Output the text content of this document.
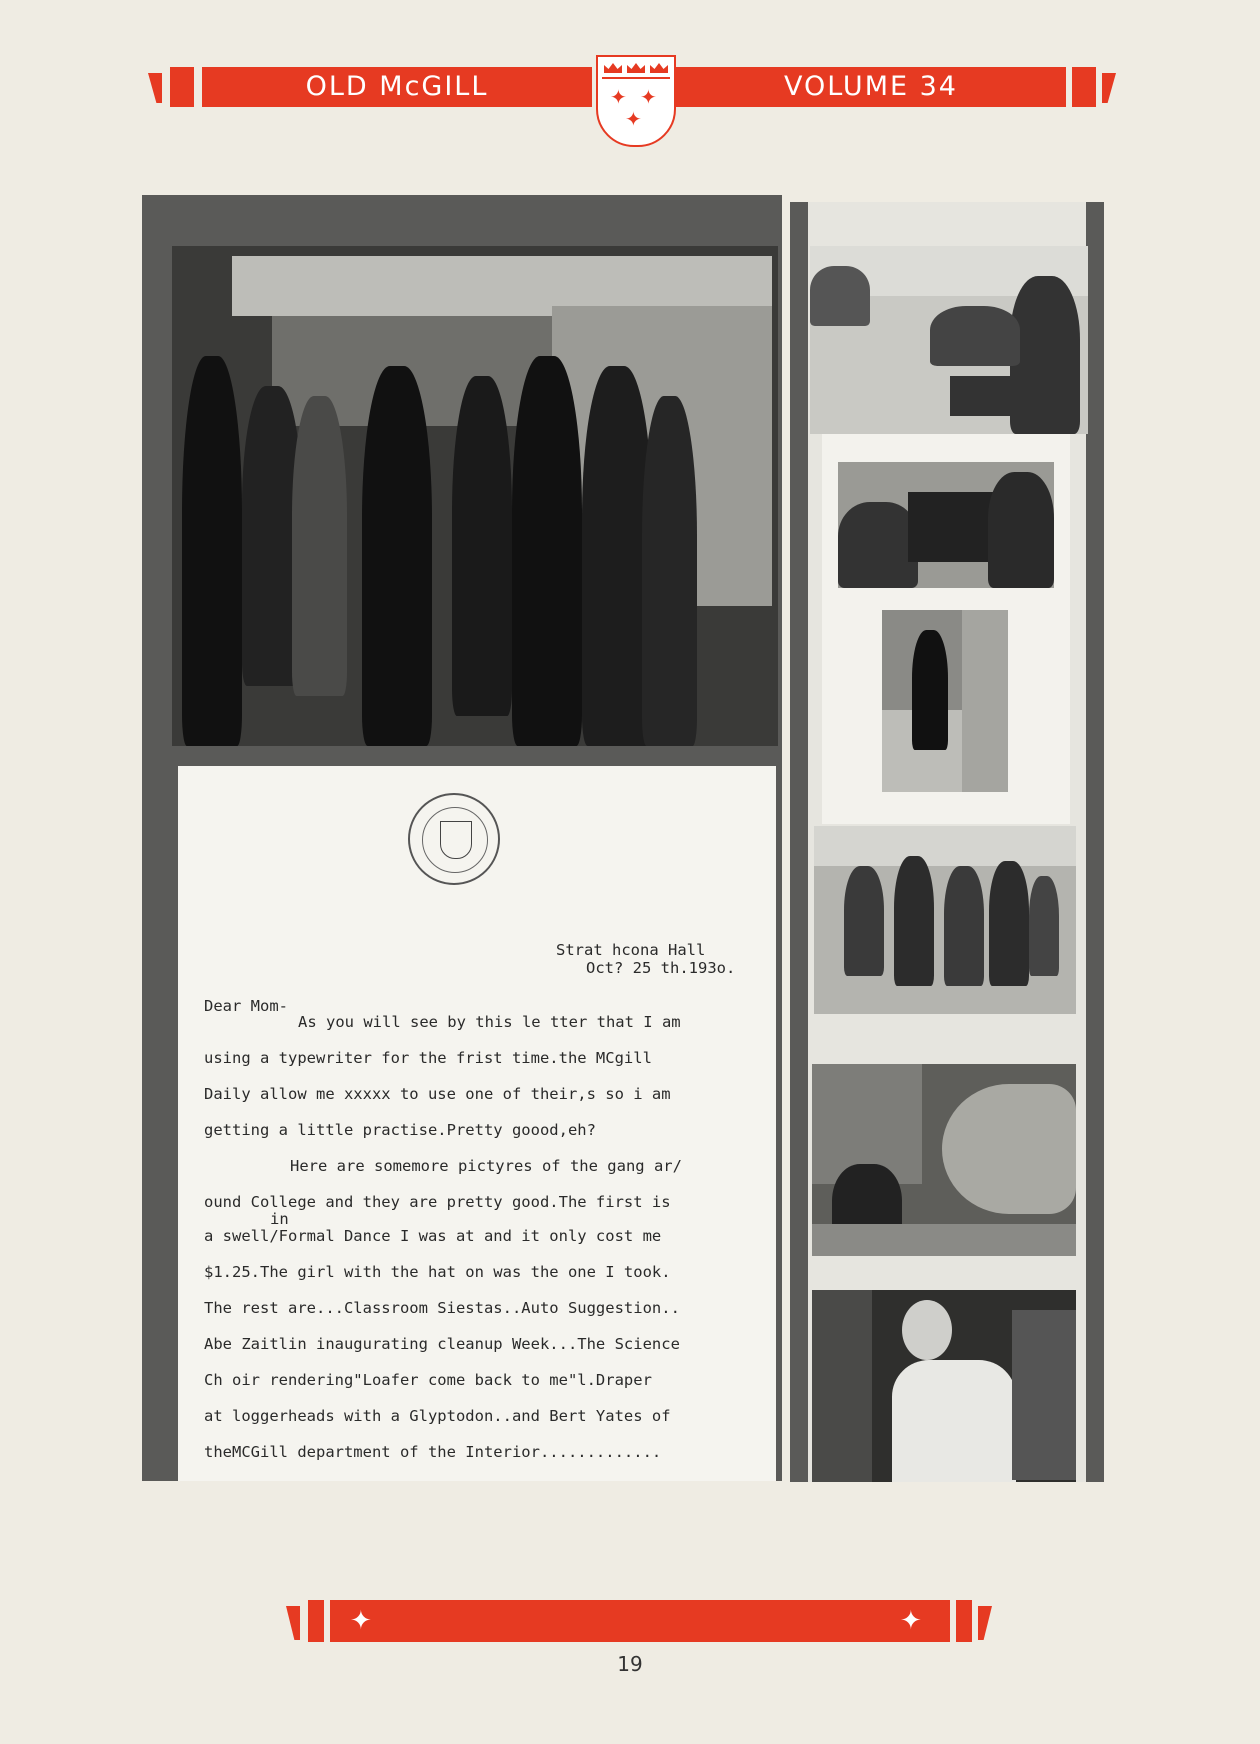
OLD McGILL	VOLUME 34
✦ ✦
✦
Strat hcona Hall
Oct? 25 th.193o.
Dear Mom-
As you will see by this le tter that I am
using a typewriter for the frist time.the MCgill
Daily allow me xxxxx to use one of their,s so i am
getting a little practise.Pretty goood,eh?
Here are somemore pictyres of the gang ar/
ound College and they are pretty good.The first is
in
a swell/Formal Dance I was at and it only cost me
$1.25.The girl with the hat on was the one I took.
The rest are...Classroom Siestas..Auto Suggestion..
Abe Zaitlin inaugurating cleanup Week...The Science
Ch oir rendering"Loafer come back to me"l.Draper
at loggerheads with a Glyptodon..and Bert Yates of
theMCGill department of the Interior.............
✦	✦
19
